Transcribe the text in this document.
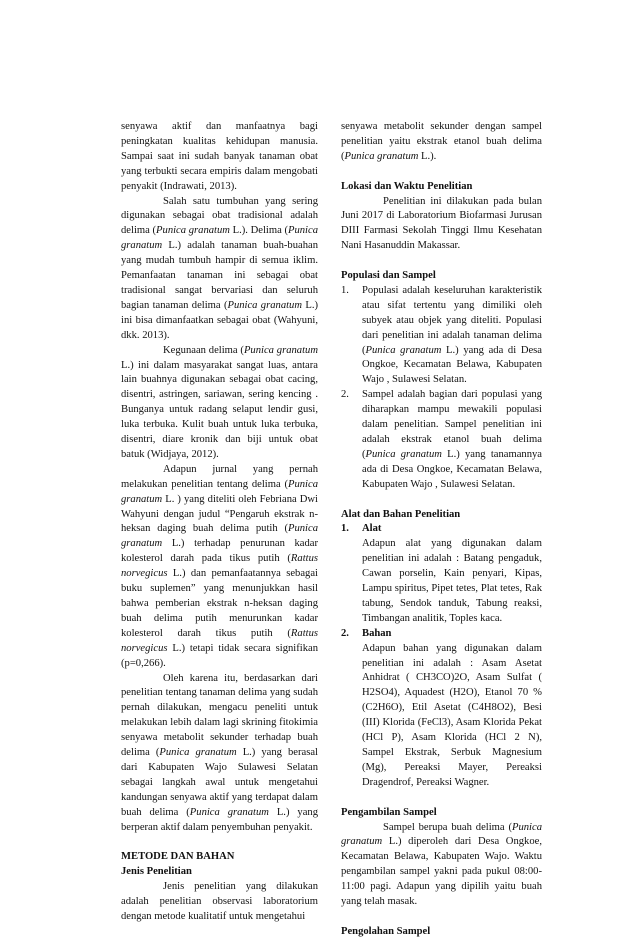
senyawa aktif dan manfaatnya bagi peningkatan kualitas kehidupan manusia. Sampai saat ini sudah banyak tanaman obat yang terbukti secara empiris dalam mengobati penyakit (Indrawati, 2013).

Salah satu tumbuhan yang sering digunakan sebagai obat tradisional adalah delima (Punica granatum L.). Delima (Punica granatum L.) adalah tanaman buah-buahan yang mudah tumbuh hampir di semua iklim. Pemanfaatan tanaman ini sebagai obat tradisional sangat bervariasi dan seluruh bagian tanaman delima (Punica granatum L.) ini bisa dimanfaatkan sebagai obat (Wahyuni, dkk. 2013).

Kegunaan delima (Punica granatum L.) ini dalam masyarakat sangat luas, antara lain buahnya digunakan sebagai obat cacing, disentri, astringen, sariawan, sering kencing . Bunganya untuk radang selaput lendir gusi, luka terbuka. Kulit buah untuk luka terbuka, disentri, diare kronik dan biji untuk obat batuk (Widjaya, 2012).

Adapun jurnal yang pernah melakukan penelitian tentang delima (Punica granatum L. ) yang diteliti oleh Febriana Dwi Wahyuni dengan judul “Pengaruh ekstrak n-heksan daging buah delima putih (Punica granatum L.) terhadap penurunan kadar kolesterol darah pada tikus putih (Rattus norvegicus L.) dan pemanfaatannya sebagai buku suplemen” yang menunjukkan hasil bahwa pemberian ekstrak n-heksan daging buah delima putih menurunkan kadar kolesterol darah tikus putih (Rattus norvegicus L.) tetapi tidak secara signifikan (p=0,266).

Oleh karena itu, berdasarkan dari penelitian tentang tanaman delima yang sudah pernah dilakukan, mengacu peneliti untuk melakukan lebih dalam lagi skrining fitokimia senyawa metabolit sekunder terhadap buah delima (Punica granatum L.) yang berasal dari Kabupaten Wajo Sulawesi Selatan sebagai langkah awal untuk mengetahui kandungan senyawa aktif yang terdapat dalam buah delima (Punica granatum L.) yang berperan aktif dalam penyembuhan penyakit.

METODE DAN BAHAN

Jenis Penelitian

Jenis penelitian yang dilakukan adalah penelitian observasi laboratorium dengan metode kualitatif untuk mengetahui

senyawa metabolit sekunder dengan sampel penelitian yaitu ekstrak etanol buah delima (Punica granatum L.).

Lokasi dan Waktu Penelitian

Penelitian ini dilakukan pada bulan Juni 2017 di Laboratorium Biofarmasi Jurusan DIII Farmasi Sekolah Tinggi Ilmu Kesehatan Nani Hasanuddin Makassar.

Populasi dan Sampel

1. Populasi adalah keseluruhan karakteristik atau sifat tertentu yang dimiliki oleh subyek atau objek yang diteliti. Populasi dari penelitian ini adalah tanaman delima (Punica granatum L.) yang ada di Desa Ongkoe, Kecamatan Belawa, Kabupaten Wajo , Sulawesi Selatan.
2. Sampel adalah bagian dari populasi yang diharapkan mampu mewakili populasi dalam penelitian. Sampel penelitian ini adalah ekstrak etanol buah delima (Punica granatum L.) yang tanamannya ada di Desa Ongkoe, Kecamatan Belawa, Kabupaten Wajo , Sulawesi Selatan.

Alat dan Bahan Penelitian

1. Alat

Adapun alat yang digunakan dalam penelitian ini adalah : Batang pengaduk, Cawan porselin, Kain penyari, Kipas, Lampu spiritus, Pipet tetes, Plat tetes, Rak tabung, Sendok tanduk, Tabung reaksi, Timbangan analitik, Toples kaca.

2. Bahan

Adapun bahan yang digunakan dalam penelitian ini adalah : Asam Asetat Anhidrat ( CH3CO)2O, Asam Sulfat ( H2SO4), Aquadest (H2O), Etanol 70 % (C2H6O), Etil Asetat (C4H8O2), Besi (III) Klorida (FeCl3), Asam Klorida Pekat (HCl P), Asam Klorida (HCl 2 N), Sampel Ekstrak, Serbuk Magnesium (Mg), Pereaksi Mayer, Pereaksi Dragendrof, Pereaksi Wagner.

Pengambilan Sampel

Sampel berupa buah delima (Punica granatum L.) diperoleh dari Desa Ongkoe, Kecamatan Belawa, Kabupaten Wajo. Waktu pengambilan sampel yakni pada pukul 08:00-11:00 pagi. Adapun yang dipilih yaitu buah yang telah masak.

Pengolahan Sampel
